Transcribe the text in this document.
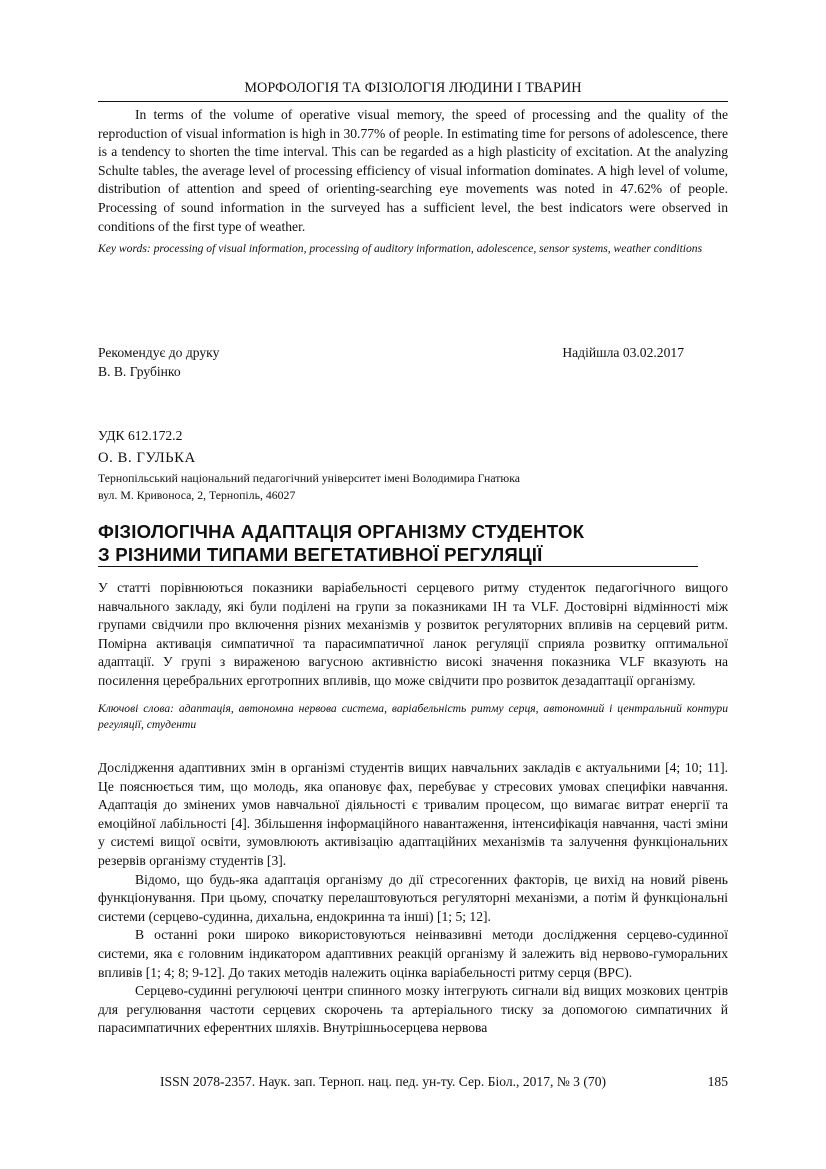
МОРФОЛОГІЯ ТА ФІЗІОЛОГІЯ ЛЮДИНИ І ТВАРИН

In terms of the volume of operative visual memory, the speed of processing and the quality of the reproduction of visual information is high in 30.77% of people. In estimating time for persons of adolescence, there is a tendency to shorten the time interval. This can be regarded as a high plasticity of excitation. At the analyzing Schulte tables, the average level of processing efficiency of visual information dominates. A high level of volume, distribution of attention and speed of orienting-searching eye movements was noted in 47.62% of people. Processing of sound information in the surveyed has a sufficient level, the best indicators were observed in conditions of the first type of weather.

Key words: processing of visual information, processing of auditory information, adolescence, sensor systems, weather conditions

Рекомендує до друку	Надійшла 03.02.2017
В. В. Грубінко
УДК 612.172.2
О. В. ГУЛЬКА
Тернопільський національний педагогічний університет імені Володимира Гнатюка
вул. М. Кривоноса, 2, Тернопіль, 46027
ФІЗІОЛОГІЧНА АДАПТАЦІЯ ОРГАНІЗМУ СТУДЕНТОК
З РІЗНИМИ ТИПАМИ ВЕГЕТАТИВНОЇ РЕГУЛЯЦІЇ

У статті порівнюються показники варіабельності серцевого ритму студенток педагогічного вищого навчального закладу, які були поділені на групи за показниками ІН та VLF. Достовірні відмінності між групами свідчили про включення різних механізмів у розвиток регуляторних впливів на серцевий ритм. Помірна активація симпатичної та парасимпатичної ланок регуляції сприяла розвитку оптимальної адаптації. У групі з вираженою вагусною активністю високі значення показника VLF вказують на посилення церебральних ерготропних впливів, що може свідчити про розвиток дезадаптації організму.

Ключові слова: адаптація, автономна нервова система, варіабельність ритму серця, автономний і центральний контури регуляції, студенти

Дослідження адаптивних змін в організмі студентів вищих навчальних закладів є актуальними [4; 10; 11]. Це пояснюється тим, що молодь, яка опановує фах, перебуває у стресових умовах специфіки навчання. Адаптація до змінених умов навчальної діяльності є тривалим процесом, що вимагає витрат енергії та емоційної лабільності [4]. Збільшення інформаційного навантаження, інтенсифікація навчання, часті зміни у системі вищої освіти, зумовлюють активізацію адаптаційних механізмів та залучення функціональних резервів організму студентів [3].

Відомо, що будь-яка адаптація організму до дії стресогенних факторів, це вихід на новий рівень функціонування. При цьому, спочатку перелаштовуються регуляторні механізми, а потім й функціональні системи (серцево-судинна, дихальна, ендокринна та інші) [1; 5; 12].

В останні роки широко використовуються неінвазивні методи дослідження серцево-судинної системи, яка є головним індикатором адаптивних реакцій організму й залежить від нервово-гуморальних впливів [1; 4; 8; 9-12]. До таких методів належить оцінка варіабельності ритму серця (ВРС).

Серцево-судинні регулюючі центри спинного мозку інтегрують сигнали від вищих мозкових центрів для регулювання частоти серцевих скорочень та артеріального тиску за допомогою симпатичних й парасимпатичних еферентних шляхів. Внутрішньосерцева нервова

ISSN 2078-2357. Наук. зап. Терноп. нац. пед. ун-ту. Сер. Біол., 2017, № 3 (70)	185
